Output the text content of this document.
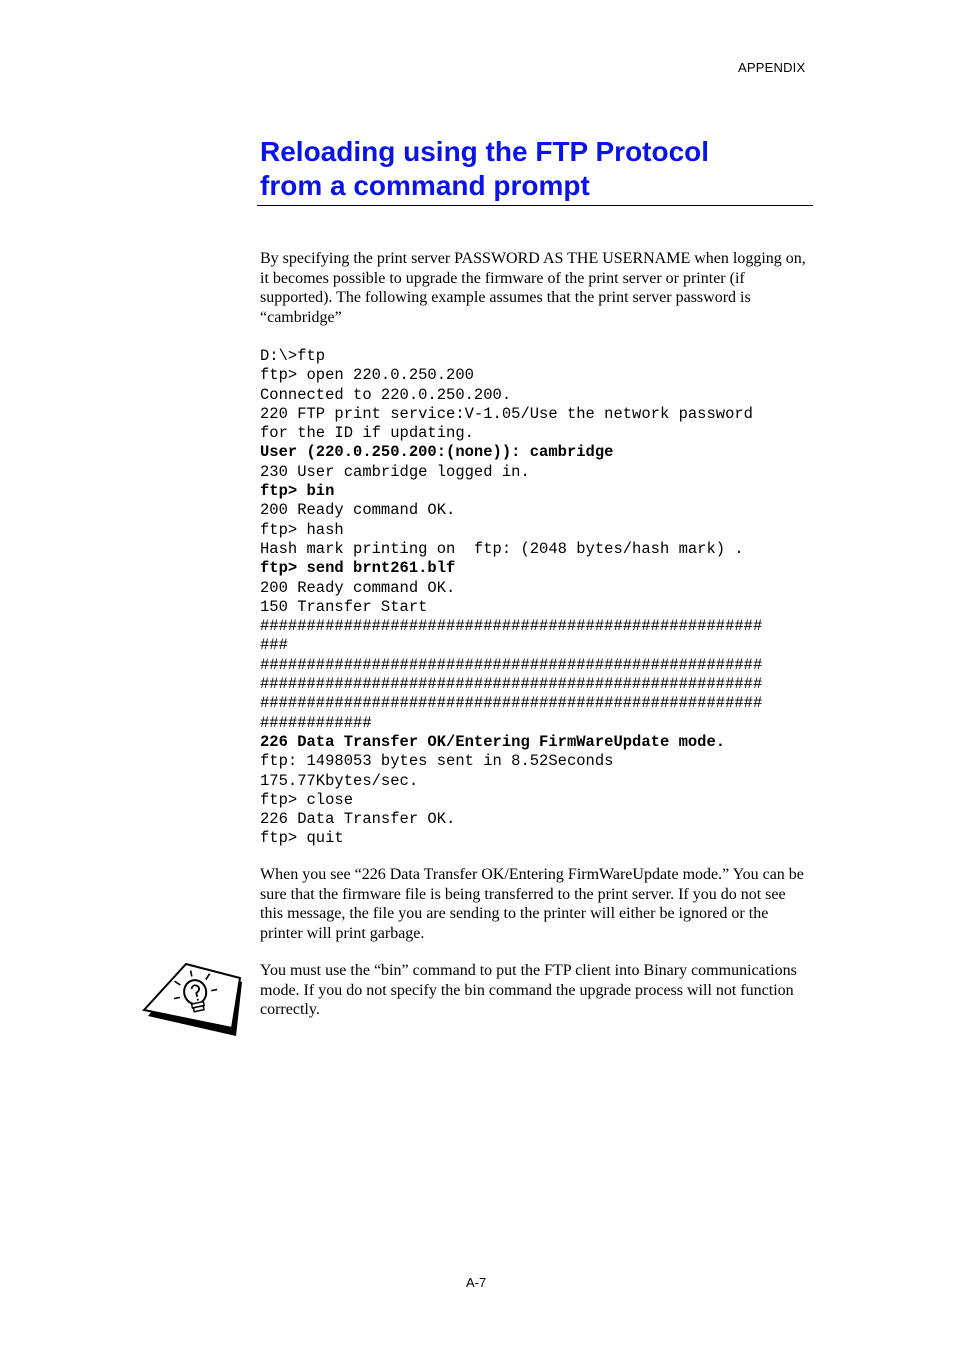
APPENDIX
Reloading using the FTP Protocol
from a command prompt

By specifying the print server PASSWORD AS THE USERNAME when logging on, it becomes possible to upgrade the firmware of the print server or printer (if supported). The following example assumes that the print server password is “cambridge”

D:\>ftp
ftp> open 220.0.250.200
Connected to 220.0.250.200.
220 FTP print service:V-1.05/Use the network password
for the ID if updating.
User (220.0.250.200:(none)): cambridge
230 User cambridge logged in.
ftp> bin
200 Ready command OK.
ftp> hash
Hash mark printing on  ftp: (2048 bytes/hash mark) .
ftp> send brnt261.blf
200 Ready command OK.
150 Transfer Start
######################################################
###
######################################################
######################################################
######################################################
############
226 Data Transfer OK/Entering FirmWareUpdate mode.
ftp: 1498053 bytes sent in 8.52Seconds
175.77Kbytes/sec.
ftp> close
226 Data Transfer OK.
ftp> quit

When you see “226 Data Transfer OK/Entering FirmWareUpdate mode.” You can be sure that the firmware file is being transferred to the print server. If you do not see this message, the file you are sending to the printer will either be ignored or the printer will print garbage.

You must use the “bin” command to put the FTP client into Binary communications mode. If you do not specify the bin command the upgrade process will not function correctly.

A-7
